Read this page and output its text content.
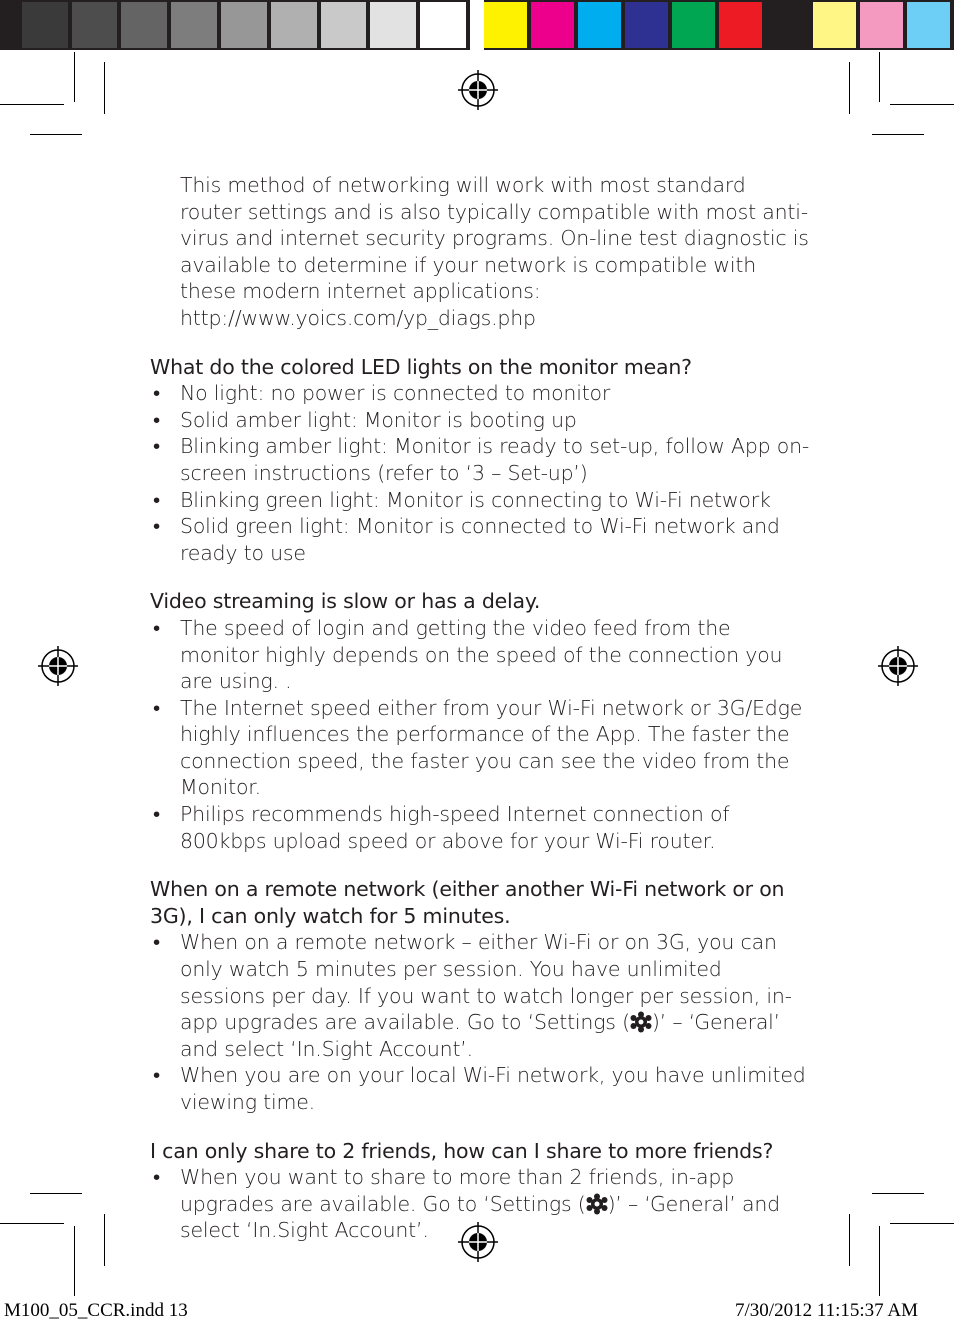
This method of networking will work with most standard router settings and is also typically compatible with most anti-virus and internet security programs. On-line test diagnostic is available to determine if your network is compatible with these modern internet applications: http://www.yoics.com/yp_diags.php

What do the colored LED lights on the monitor mean?

• No light: no power is connected to monitor
• Solid amber light: Monitor is booting up
• Blinking amber light: Monitor is ready to set-up, follow App on-screen instructions (refer to ‘3 – Set-up’)
• Blinking green light: Monitor is connecting to Wi-Fi network
• Solid green light: Monitor is connected to Wi-Fi network and ready to use

Video streaming is slow or has a delay.

• The speed of login and getting the video feed from the monitor highly depends on the speed of the connection you are using. .
• The Internet speed either from your Wi-Fi network or 3G/Edge highly influences the performance of the App. The faster the connection speed, the faster you can see the video from the Monitor.
• Philips recommends high-speed Internet connection of 800kbps upload speed or above for your Wi-Fi router.

When on a remote network (either another Wi-Fi network or on 3G), I can only watch for 5 minutes.

• When on a remote network – either Wi-Fi or on 3G, you can only watch 5 minutes per session. You have unlimited sessions per day. If you want to watch longer per session, in-app upgrades are available. Go to ‘Settings ( )’ – ‘General’ and select ‘In.Sight Account’.
• When you are on your local Wi-Fi network, you have unlimited viewing time.

I can only share to 2 friends, how can I share to more friends?

• When you want to share to more than 2 friends, in-app upgrades are available. Go to ‘Settings ( )’ – ‘General’ and select ‘In.Sight Account’.
M100_05_CCR.indd 13	7/30/2012 11:15:37 AM
